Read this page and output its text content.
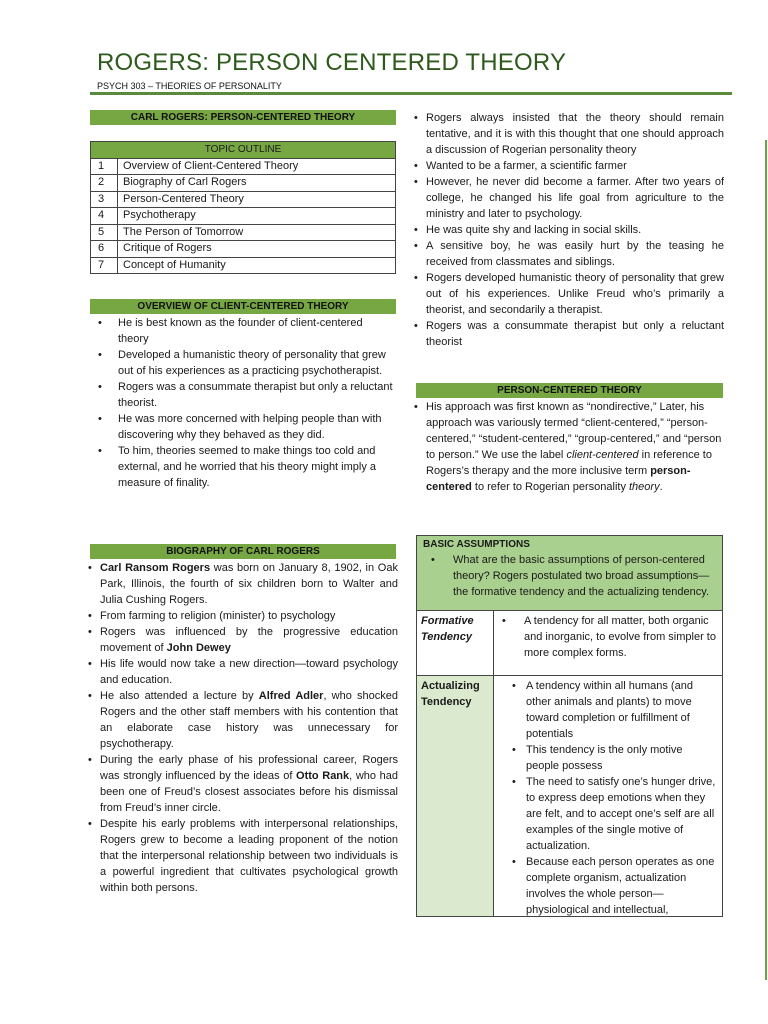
ROGERS: PERSON CENTERED THEORY
PSYCH 303 – THEORIES OF PERSONALITY
CARL ROGERS: PERSON-CENTERED THEORY
TOPIC OUTLINE	
1	Overview of Client-Centered Theory
2	Biography of Carl Rogers
3	Person-Centered Theory
4	Psychotherapy
5	The Person of Tomorrow
6	Critique of Rogers
7	Concept of Humanity
OVERVIEW OF CLIENT-CENTERED THEORY
• He is best known as the founder of client-centered theory
• Developed a humanistic theory of personality that grew out of his experiences as a practicing psychotherapist.
• Rogers was a consummate therapist but only a reluctant theorist.
• He was more concerned with helping people than with discovering why they behaved as they did.
• To him, theories seemed to make things too cold and external, and he worried that his theory might imply a measure of finality.
BIOGRAPHY OF CARL ROGERS
• Carl Ransom Rogers was born on January 8, 1902, in Oak Park, Illinois, the fourth of six children born to Walter and Julia Cushing Rogers.
• From farming to religion (minister) to psychology
• Rogers was influenced by the progressive education movement of John Dewey
• His life would now take a new direction—toward psychology and education.
• He also attended a lecture by Alfred Adler, who shocked Rogers and the other staff members with his contention that an elaborate case history was unnecessary for psychotherapy.
• During the early phase of his professional career, Rogers was strongly influenced by the ideas of Otto Rank, who had been one of Freud’s closest associates before his dismissal from Freud’s inner circle.
• Despite his early problems with interpersonal relationships, Rogers grew to become a leading proponent of the notion that the interpersonal relationship between two individuals is a powerful ingredient that cultivates psychological growth within both persons.
• Rogers always insisted that the theory should remain tentative, and it is with this thought that one should approach a discussion of Rogerian personality theory
• Wanted to be a farmer, a scientific farmer
• However, he never did become a farmer. After two years of college, he changed his life goal from agriculture to the ministry and later to psychology.
• He was quite shy and lacking in social skills.
• A sensitive boy, he was easily hurt by the teasing he received from classmates and siblings.
• Rogers developed humanistic theory of personality that grew out of his experiences. Unlike Freud who’s primarily a theorist, and secondarily a therapist.
• Rogers was a consummate therapist but only a reluctant theorist
PERSON-CENTERED THEORY
• His approach was first known as “nondirective,” Later, his approach was variously termed “client-centered,” “person-centered,” “student-centered,” “group-centered,” and “person to person.” We use the label client-centered in reference to Rogers’s therapy and the more inclusive term person-centered to refer to Rogerian personality theory.
BASIC ASSUMPTIONS
• What are the basic assumptions of person-centered theory? Rogers postulated two broad assumptions—the formative tendency and the actualizing tendency.
Formative Tendency
• A tendency for all matter, both organic and inorganic, to evolve from simpler to more complex forms.
Actualizing Tendency
• A tendency within all humans (and other animals and plants) to move toward completion or fulfillment of potentials
• This tendency is the only motive people possess
• The need to satisfy one’s hunger drive, to express deep emotions when they are felt, and to accept one’s self are all examples of the single motive of actualization.
• Because each person operates as one complete organism, actualization involves the whole person—physiological and intellectual,
